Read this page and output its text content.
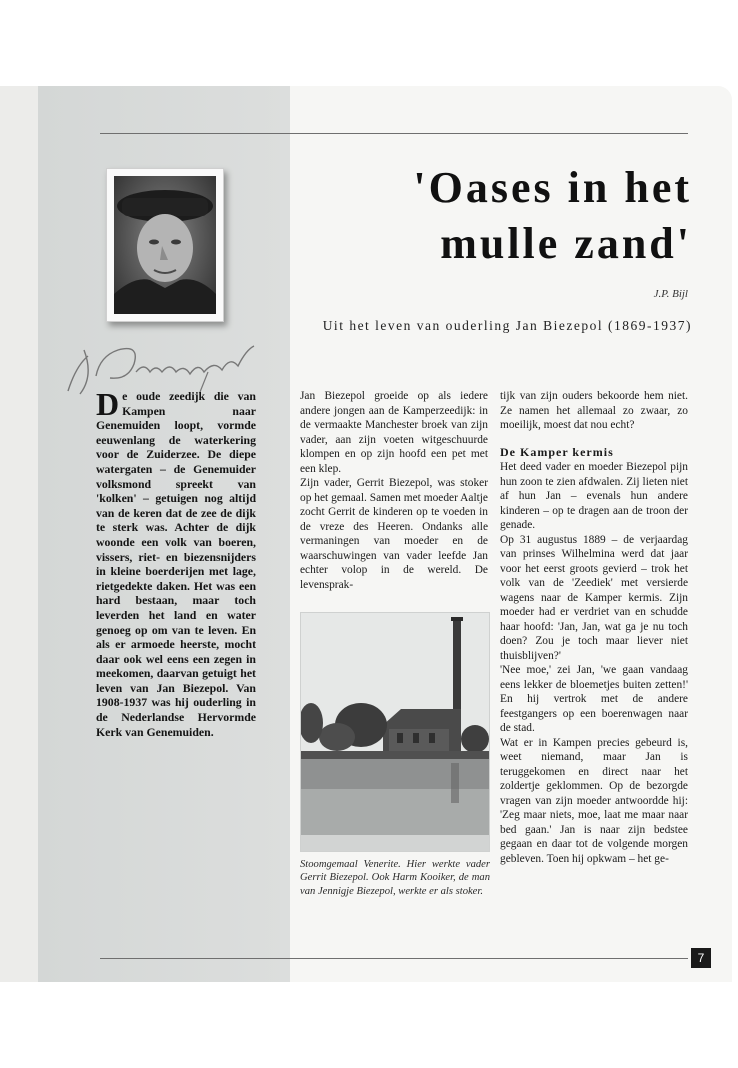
'Oases in het
mulle zand'
J.P. Bijl
Uit het leven van ouderling Jan Biezepol (1869-1937)
De oude zeedijk die van Kampen naar Genemuiden loopt, vormde eeuwenlang de waterkering voor de Zuiderzee. De diepe watergaten – de Genemuider volksmond spreekt van 'kolken' – getuigen nog altijd van de keren dat de zee de dijk te sterk was. Achter de dijk woonde een volk van boeren, vissers, riet- en biezensnijders in kleine boerderijen met lage, rietgedekte daken. Het was een hard bestaan, maar toch leverden het land en water genoeg op om van te leven. En als er armoede heerste, mocht daar ook wel eens een zegen in meekomen, daarvan getuigt het leven van Jan Biezepol. Van 1908-1937 was hij ouderling in de Nederlandse Hervormde Kerk van Genemuiden.

Jan Biezepol groeide op als iedere andere jongen aan de Kamperzeedijk: in de vermaakte Manchester broek van zijn vader, aan zijn voeten witgeschuurde klompen en op zijn hoofd een pet met een klep.

Zijn vader, Gerrit Biezepol, was stoker op het gemaal. Samen met moeder Aaltje zocht Gerrit de kinderen op te voeden in de vreze des Heeren. Ondanks alle vermaningen van moeder en de waarschuwingen van vader leefde Jan echter volop in de wereld. De levensprak-

Stoomgemaal Venerite. Hier werkte vader Gerrit Biezepol. Ook Harm Kooiker, de man van Jennigje Biezepol, werkte er als stoker.

tijk van zijn ouders bekoorde hem niet. Ze namen het allemaal zo zwaar, zo moeilijk, moest dat nou echt?

De Kamper kermis

Het deed vader en moeder Biezepol pijn hun zoon te zien afdwalen. Zij lieten niet af hun Jan – evenals hun andere kinderen – op te dragen aan de troon der genade.

Op 31 augustus 1889 – de verjaardag van prinses Wilhelmina werd dat jaar voor het eerst groots gevierd – trok het volk van de 'Zeediek' met versierde wagens naar de Kamper kermis. Zijn moeder had er verdriet van en schudde haar hoofd: 'Jan, Jan, wat ga je nu toch doen? Zou je toch maar liever niet thuisblijven?'

'Nee moe,' zei Jan, 'we gaan vandaag eens lekker de bloemetjes buiten zetten!' En hij vertrok met de andere feestgangers op een boerenwagen naar de stad.

Wat er in Kampen precies gebeurd is, weet niemand, maar Jan is teruggekomen en direct naar het zoldertje geklommen. Op de bezorgde vragen van zijn moeder antwoordde hij: 'Zeg maar niets, moe, laat me maar naar bed gaan.' Jan is naar zijn bedstee gegaan en daar tot de volgende morgen gebleven. Toen hij opkwam – het ge-

7
